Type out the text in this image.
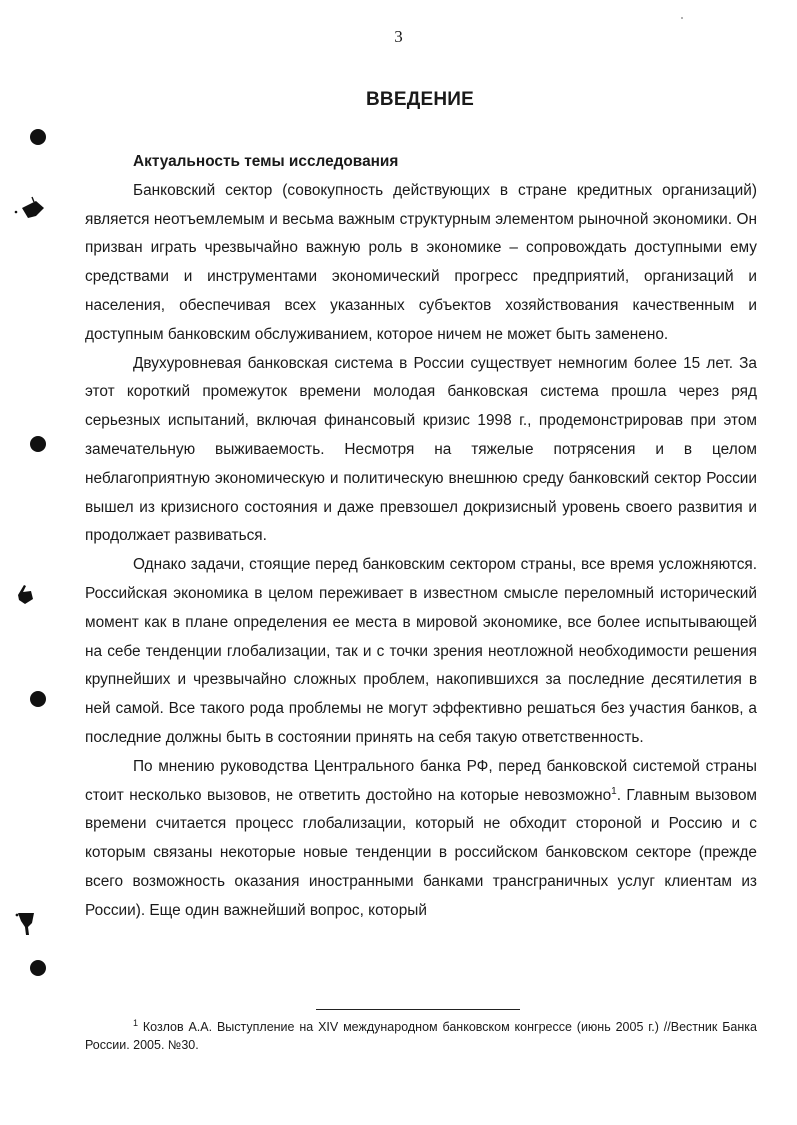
3
ВВЕДЕНИЕ
Актуальность темы исследования

Банковский сектор (совокупность действующих в стране кредитных организаций) является неотъемлемым и весьма важным структурным элементом рыночной экономики. Он призван играть чрезвычайно важную роль в экономике – сопровождать доступными ему средствами и инструментами экономический прогресс предприятий, организаций и населения, обеспечивая всех указанных субъектов хозяйствования качественным и доступным банковским обслуживанием, которое ничем не может быть заменено.

Двухуровневая банковская система в России существует немногим более 15 лет. За этот короткий промежуток времени молодая банковская система прошла через ряд серьезных испытаний, включая финансовый кризис 1998 г., продемонстрировав при этом замечательную выживаемость. Несмотря на тяжелые потрясения и в целом неблагоприятную экономическую и политическую внешнюю среду банковский сектор России вышел из кризисного состояния и даже превзошел докризисный уровень своего развития и продолжает развиваться.

Однако задачи, стоящие перед банковским сектором страны, все время усложняются. Российская экономика в целом переживает в известном смысле переломный исторический момент как в плане определения ее места в мировой экономике, все более испытывающей на себе тенденции глобализации, так и с точки зрения неотложной необходимости решения крупнейших и чрезвычайно сложных проблем, накопившихся за последние десятилетия в ней самой. Все такого рода проблемы не могут эффективно решаться без участия банков, а последние должны быть в состоянии принять на себя такую ответственность.

По мнению руководства Центрального банка РФ, перед банковской системой страны стоит несколько вызовов, не ответить достойно на которые невозможно$^1$. Главным вызовом времени считается процесс глобализации, который не обходит стороной и Россию и с которым связаны некоторые новые тенденции в российском банковском секторе (прежде всего возможность оказания иностранными банками трансграничных услуг клиентам из России). Еще один важнейший вопрос, который

$^1$ Козлов А.А. Выступление на XIV международном банковском конгрессе (июнь 2005 г.) //Вестник Банка России. 2005. №30.
